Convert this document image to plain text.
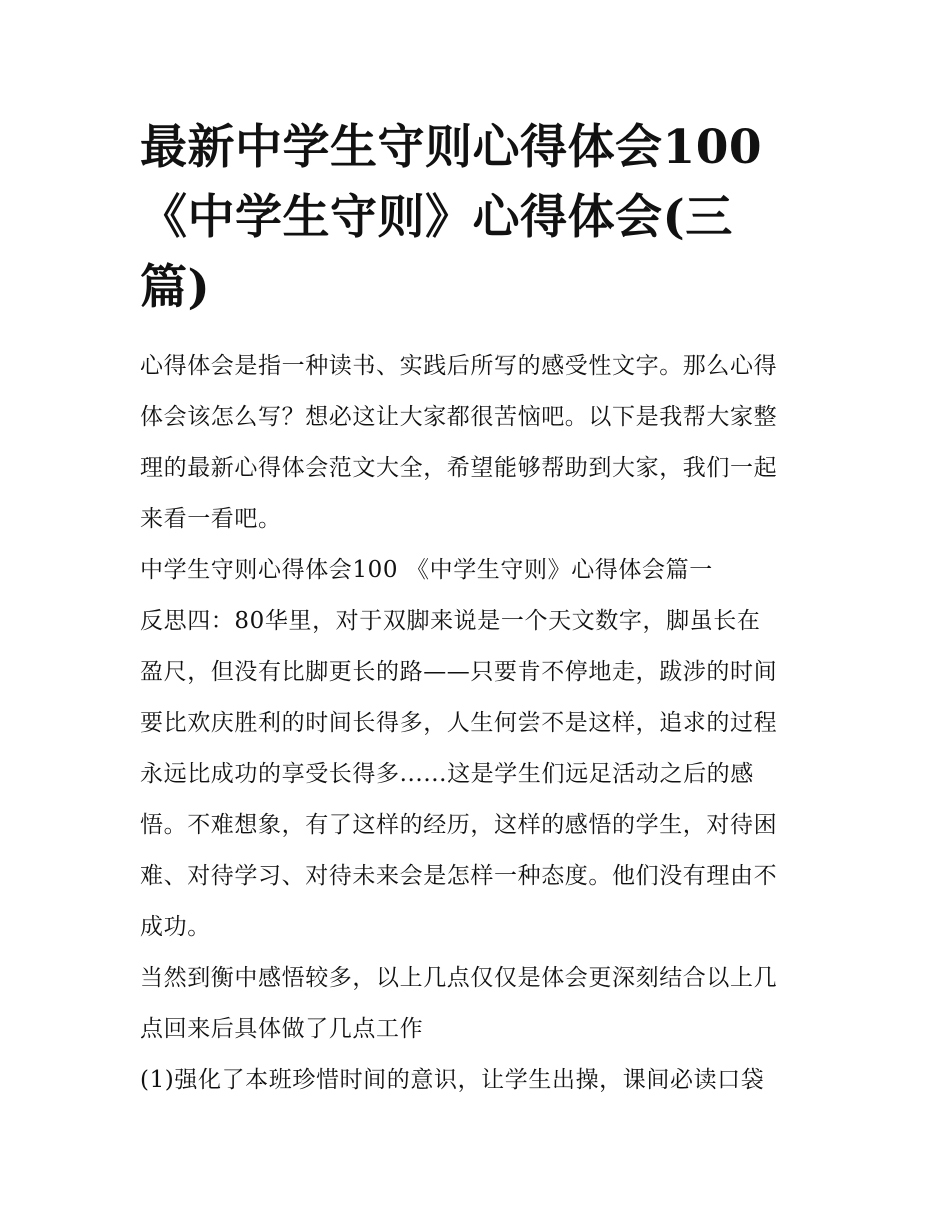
最新中学生守则心得体会100
《中学生守则》心得体会(三
篇)
心得体会是指一种读书、实践后所写的感受性文字。那么心得
体会该怎么写？想必这让大家都很苦恼吧。以下是我帮大家整
理的最新心得体会范文大全，希望能够帮助到大家，我们一起
来看一看吧。
中学生守则心得体会100 《中学生守则》心得体会篇一
反思四：80华里，对于双脚来说是一个天文数字，脚虽长在
盈尺，但没有比脚更长的路——只要肯不停地走，跋涉的时间
要比欢庆胜利的时间长得多，人生何尝不是这样，追求的过程
永远比成功的享受长得多......这是学生们远足活动之后的感
悟。不难想象，有了这样的经历，这样的感悟的学生，对待困
难、对待学习、对待未来会是怎样一种态度。他们没有理由不
成功。
当然到衡中感悟较多，以上几点仅仅是体会更深刻结合以上几
点回来后具体做了几点工作
(1)强化了本班珍惜时间的意识，让学生出操，课间必读口袋
